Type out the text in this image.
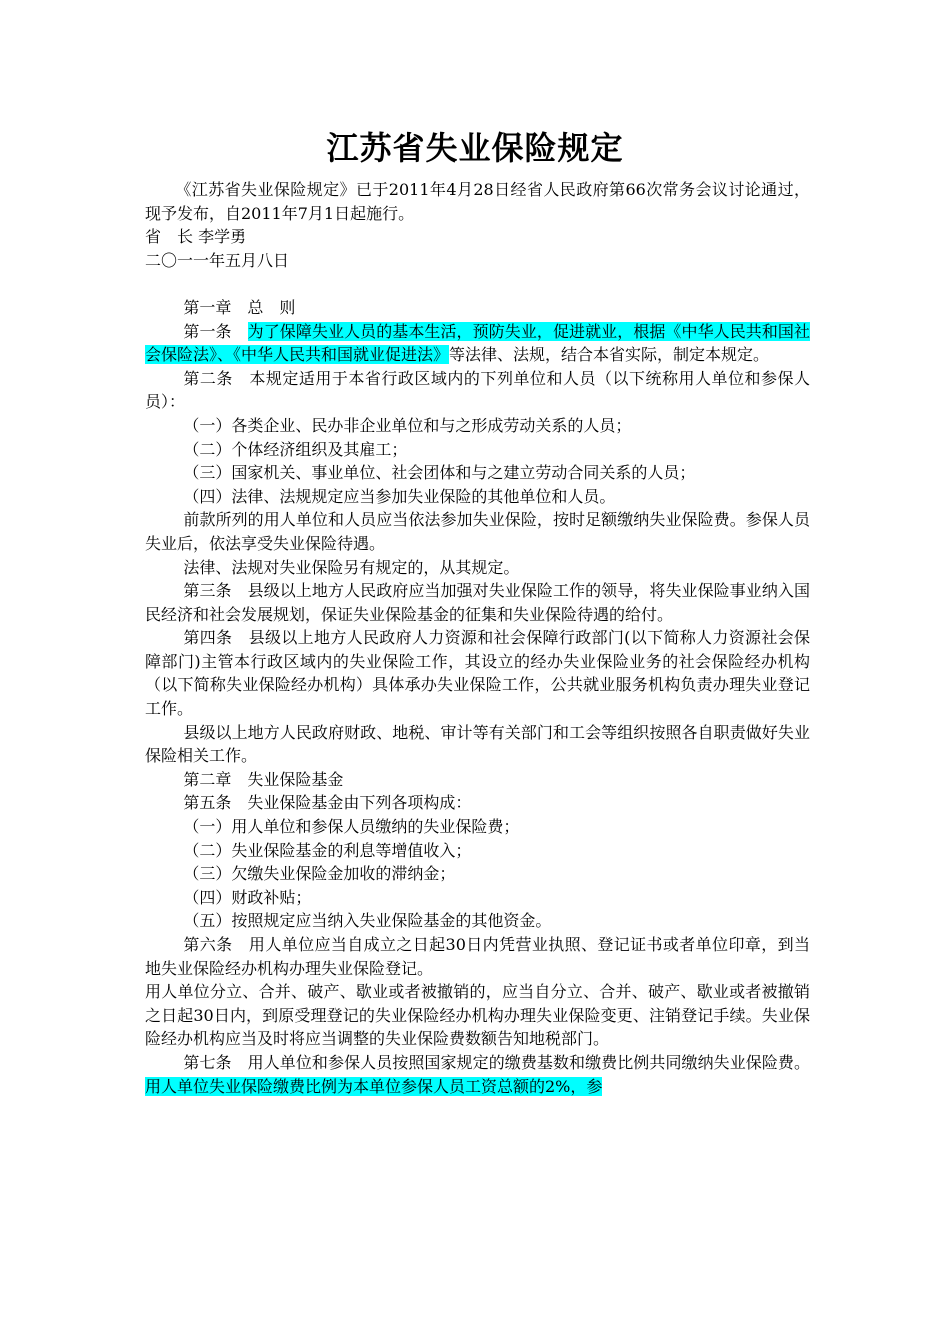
江苏省失业保险规定

《江苏省失业保险规定》已于2011年4月28日经省人民政府第66次常务会议讨论通过，现予发布，自2011年7月1日起施行。

省　长 李学勇

二〇一一年五月八日

第一章　总　则

第一条　为了保障失业人员的基本生活，预防失业，促进就业，根据《中华人民共和国社会保险法》、《中华人民共和国就业促进法》等法律、法规，结合本省实际，制定本规定。

第二条　本规定适用于本省行政区域内的下列单位和人员（以下统称用人单位和参保人员）：

（一）各类企业、民办非企业单位和与之形成劳动关系的人员；

（二）个体经济组织及其雇工；

（三）国家机关、事业单位、社会团体和与之建立劳动合同关系的人员；

（四）法律、法规规定应当参加失业保险的其他单位和人员。

前款所列的用人单位和人员应当依法参加失业保险，按时足额缴纳失业保险费。参保人员失业后，依法享受失业保险待遇。

法律、法规对失业保险另有规定的，从其规定。

第三条　县级以上地方人民政府应当加强对失业保险工作的领导，将失业保险事业纳入国民经济和社会发展规划，保证失业保险基金的征集和失业保险待遇的给付。

第四条　县级以上地方人民政府人力资源和社会保障行政部门(以下简称人力资源社会保障部门)主管本行政区域内的失业保险工作，其设立的经办失业保险业务的社会保险经办机构（以下简称失业保险经办机构）具体承办失业保险工作，公共就业服务机构负责办理失业登记工作。

县级以上地方人民政府财政、地税、审计等有关部门和工会等组织按照各自职责做好失业保险相关工作。

第二章　失业保险基金

第五条　失业保险基金由下列各项构成：

（一）用人单位和参保人员缴纳的失业保险费；

（二）失业保险基金的利息等增值收入；

（三）欠缴失业保险金加收的滞纳金；

（四）财政补贴；

（五）按照规定应当纳入失业保险基金的其他资金。

第六条　用人单位应当自成立之日起30日内凭营业执照、登记证书或者单位印章，到当地失业保险经办机构办理失业保险登记。

用人单位分立、合并、破产、歇业或者被撤销的，应当自分立、合并、破产、歇业或者被撤销之日起30日内，到原受理登记的失业保险经办机构办理失业保险变更、注销登记手续。失业保险经办机构应当及时将应当调整的失业保险费数额告知地税部门。

第七条　用人单位和参保人员按照国家规定的缴费基数和缴费比例共同缴纳失业保险费。用人单位失业保险缴费比例为本单位参保人员工资总额的2%，参
